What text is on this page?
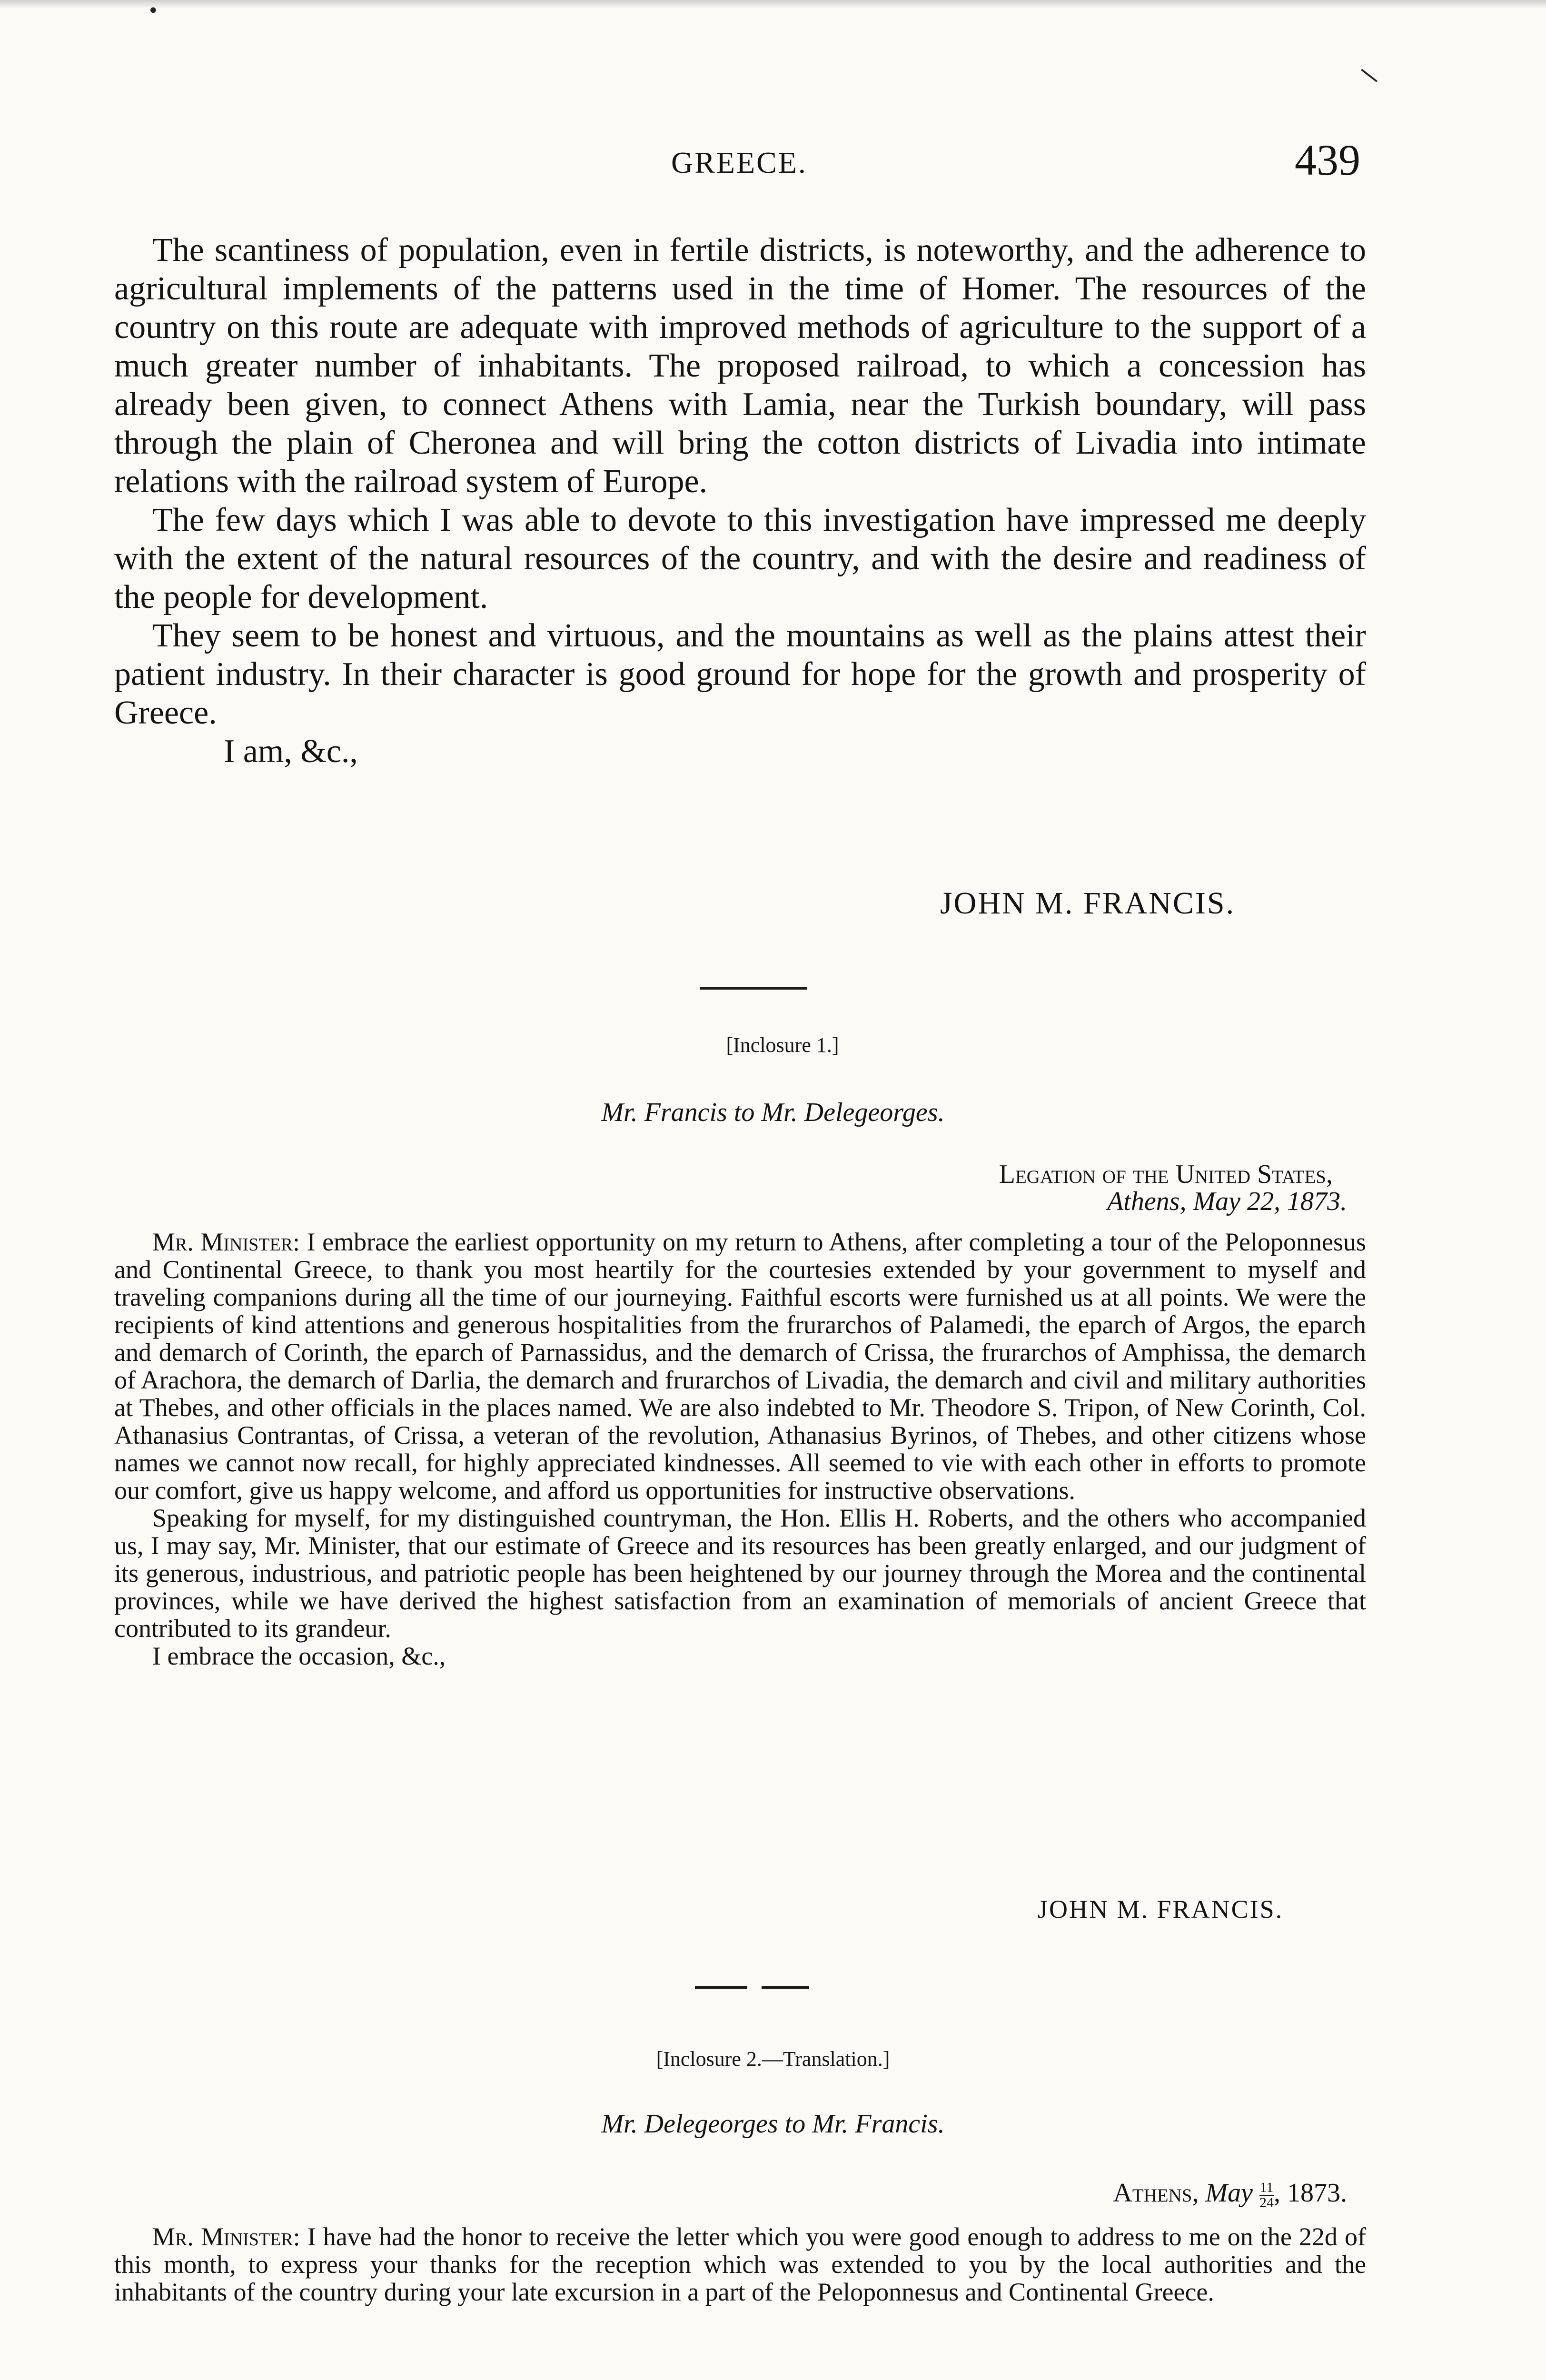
•
\
GREECE.	439

The scantiness of population, even in fertile districts, is noteworthy, and the adherence to agricultural implements of the patterns used in the time of Homer. The resources of the country on this route are adequate with improved methods of agriculture to the support of a much greater number of inhabitants. The proposed railroad, to which a concession has already been given, to connect Athens with Lamia, near the Turkish boundary, will pass through the plain of Cheronea and will bring the cotton districts of Livadia into intimate relations with the railroad system of Europe.

The few days which I was able to devote to this investigation have impressed me deeply with the extent of the natural resources of the country, and with the desire and readiness of the people for development.

They seem to be honest and virtuous, and the mountains as well as the plains attest their patient industry. In their character is good ground for hope for the growth and prosperity of Greece.

I am, &c.,

JOHN M. FRANCIS.
[Inclosure 1.]
Mr. Francis to Mr. Delegeorges.
Legation of the United States,
Athens, May 22, 1873.

Mr. Minister: I embrace the earliest opportunity on my return to Athens, after completing a tour of the Peloponnesus and Continental Greece, to thank you most heartily for the courtesies extended by your government to myself and traveling companions during all the time of our journeying. Faithful escorts were furnished us at all points. We were the recipients of kind attentions and generous hospitalities from the frurarchos of Palamedi, the eparch of Argos, the eparch and demarch of Corinth, the eparch of Parnassidus, and the demarch of Crissa, the frurarchos of Amphissa, the demarch of Arachora, the demarch of Darlia, the demarch and frurarchos of Livadia, the demarch and civil and military authorities at Thebes, and other officials in the places named. We are also indebted to Mr. Theodore S. Tripon, of New Corinth, Col. Athanasius Contrantas, of Crissa, a veteran of the revolution, Athanasius Byrinos, of Thebes, and other citizens whose names we cannot now recall, for highly appreciated kindnesses. All seemed to vie with each other in efforts to promote our comfort, give us happy welcome, and afford us opportunities for instructive observations.

Speaking for myself, for my distinguished countryman, the Hon. Ellis H. Roberts, and the others who accompanied us, I may say, Mr. Minister, that our estimate of Greece and its resources has been greatly enlarged, and our judgment of its generous, industrious, and patriotic people has been heightened by our journey through the Morea and the continental provinces, while we have derived the highest satisfaction from an examination of memorials of ancient Greece that contributed to its grandeur.

I embrace the occasion, &c.,

JOHN M. FRANCIS.
[Inclosure 2.—Translation.]
Mr. Delegeorges to Mr. Francis.
Athens, May $\frac{11}{24}$ , 1873.

Mr. Minister: I have had the honor to receive the letter which you were good enough to address to me on the 22d of this month, to express your thanks for the reception which was extended to you by the local authorities and the inhabitants of the country during your late excursion in a part of the Peloponnesus and Continental Greece.
